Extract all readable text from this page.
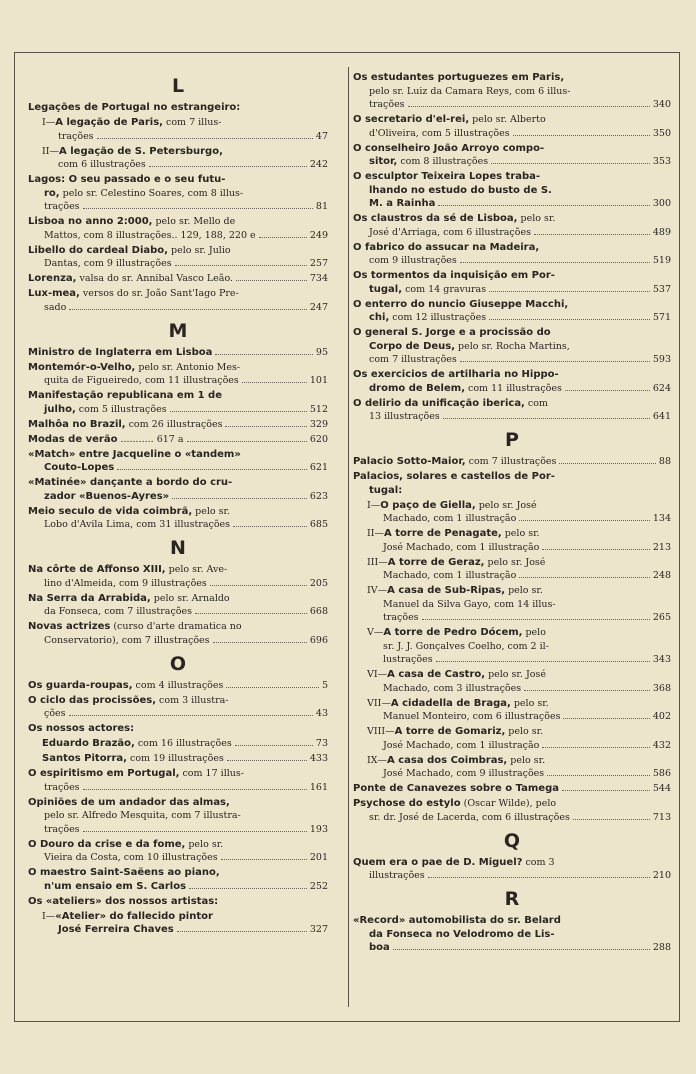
L
Legações de Portugal no estrangeiro:
I— A legação de Paris, com 7 illus-
trações	47
II— A legação de S. Petersburgo,
com 6 illustrações	242
Lagos: O seu passado e o seu futu-
ro, pelo sr. Celestino Soares, com 8 illus-
trações	81
Lisboa no anno 2:000, pelo sr. Mello de
Mattos, com 8 illustrações.. 129, 188, 220 e	249
Libello do cardeal Diabo, pelo sr. Julio
Dantas, com 9 illustrações	257
Lorenza, valsa do sr. Annibal Vasco Leão.	734
Lux-mea, versos do sr. João Sant'Iago Pre-
sado	247
M
Ministro de Inglaterra em Lisboa	95
Montemór-o-Velho, pelo sr. Antonio Mes-
quita de Figueiredo, com 11 illustrações	101
Manifestação republicana em 1 de
julho, com 5 illustrações	512
Malhôa no Brazil, com 26 illustrações	329
Modas de verão ........... 617 a	620
«Match» entre Jacqueline o «tandem»
Couto-Lopes	621
«Matinée» dançante a bordo do cru-
zador «Buenos-Ayres»	623
Meio seculo de vida coimbrã, pelo sr.
Lobo d'Avila Lima, com 31 illustrações	685
N
Na côrte de Affonso XIII, pelo sr. Ave-
lino d'Almeida, com 9 illustrações	205
Na Serra da Arrabida, pelo sr. Arnaldo
da Fonseca, com 7 illustrações	668
Novas actrizes (curso d'arte dramatica no
Conservatorio), com 7 illustrações	696
O
Os guarda-roupas, com 4 illustrações	5
O ciclo das procissões, com 3 illustra-
ções	43
Os nossos actores:
Eduardo Brazão, com 16 illustrações	73
Santos Pitorra, com 19 illustrações	433
O espiritismo em Portugal, com 17 illus-
trações	161
Opiniões de um andador das almas,
pelo sr. Alfredo Mesquita, com 7 illustra-
trações	193
O Douro da crise e da fome, pelo sr.
Vieira da Costa, com 10 illustrações	201
O maestro Saint-Saëens ao piano,
n'um ensaio em S. Carlos	252
Os «ateliers» dos nossos artistas:
I— «Atelier» do fallecido pintor
José Ferreira Chaves	327
Os estudantes portuguezes em Paris,
pelo sr. Luiz da Camara Reys, com 6 illus-
trações	340
O secretario d'el-rei, pelo sr. Alberto
d'Oliveira, com 5 illustrações	350
O conselheiro João Arroyo compo-
sitor, com 8 illustrações	353
O esculptor Teixeira Lopes traba-
lhando no estudo do busto de S.
M. a Rainha	300
Os claustros da sé de Lisboa, pelo sr.
José d'Arriaga, com 6 illustrações	489
O fabrico do assucar na Madeira,
com 9 illustrações	519
Os tormentos da inquisição em Por-
tugal, com 14 gravuras	537
O enterro do nuncio Giuseppe Macchi,
chi, com 12 illustrações	571
O general S. Jorge e a procissão do
Corpo de Deus, pelo sr. Rocha Martins,
com 7 illustrações	593
Os exercicios de artilharia no Hippo-
dromo de Belem, com 11 illustrações	624
O delirio da unificação iberica, com
13 illustrações	641
P
Palacio Sotto-Maior, com 7 illustrações	88
Palacios, solares e castellos de Por-
tugal:
I— O paço de Giella, pelo sr. José
Machado, com 1 illustração	134
II— A torre de Penagate, pelo sr.
José Machado, com 1 illustração	213
III— A torre de Geraz, pelo sr. José
Machado, com 1 illustração	248
IV— A casa de Sub-Ripas, pelo sr.
Manuel da Silva Gayo, com 14 illus-
trações	265
V— A torre de Pedro Dócem, pelo
sr. J. J. Gonçalves Coelho, com 2 il-
lustrações	343
VI— A casa de Castro, pelo sr. José
Machado, com 3 illustrações	368
VII— A cidadella de Braga, pelo sr.
Manuel Monteiro, com 6 illustrações	402
VIII— A torre de Gomariz, pelo sr.
José Machado, com 1 illustração	432
IX— A casa dos Coimbras, pelo sr.
José Machado, com 9 illustrações	586
Ponte de Canavezes sobre o Tamega	544
Psychose do estylo (Oscar Wilde), pelo
sr. dr. José de Lacerda, com 6 illustrações	713
Q
Quem era o pae de D. Miguel? com 3
illustrações	210
R
«Record» automobilista do sr. Belard
da Fonseca no Velodromo de Lis-
boa	288
